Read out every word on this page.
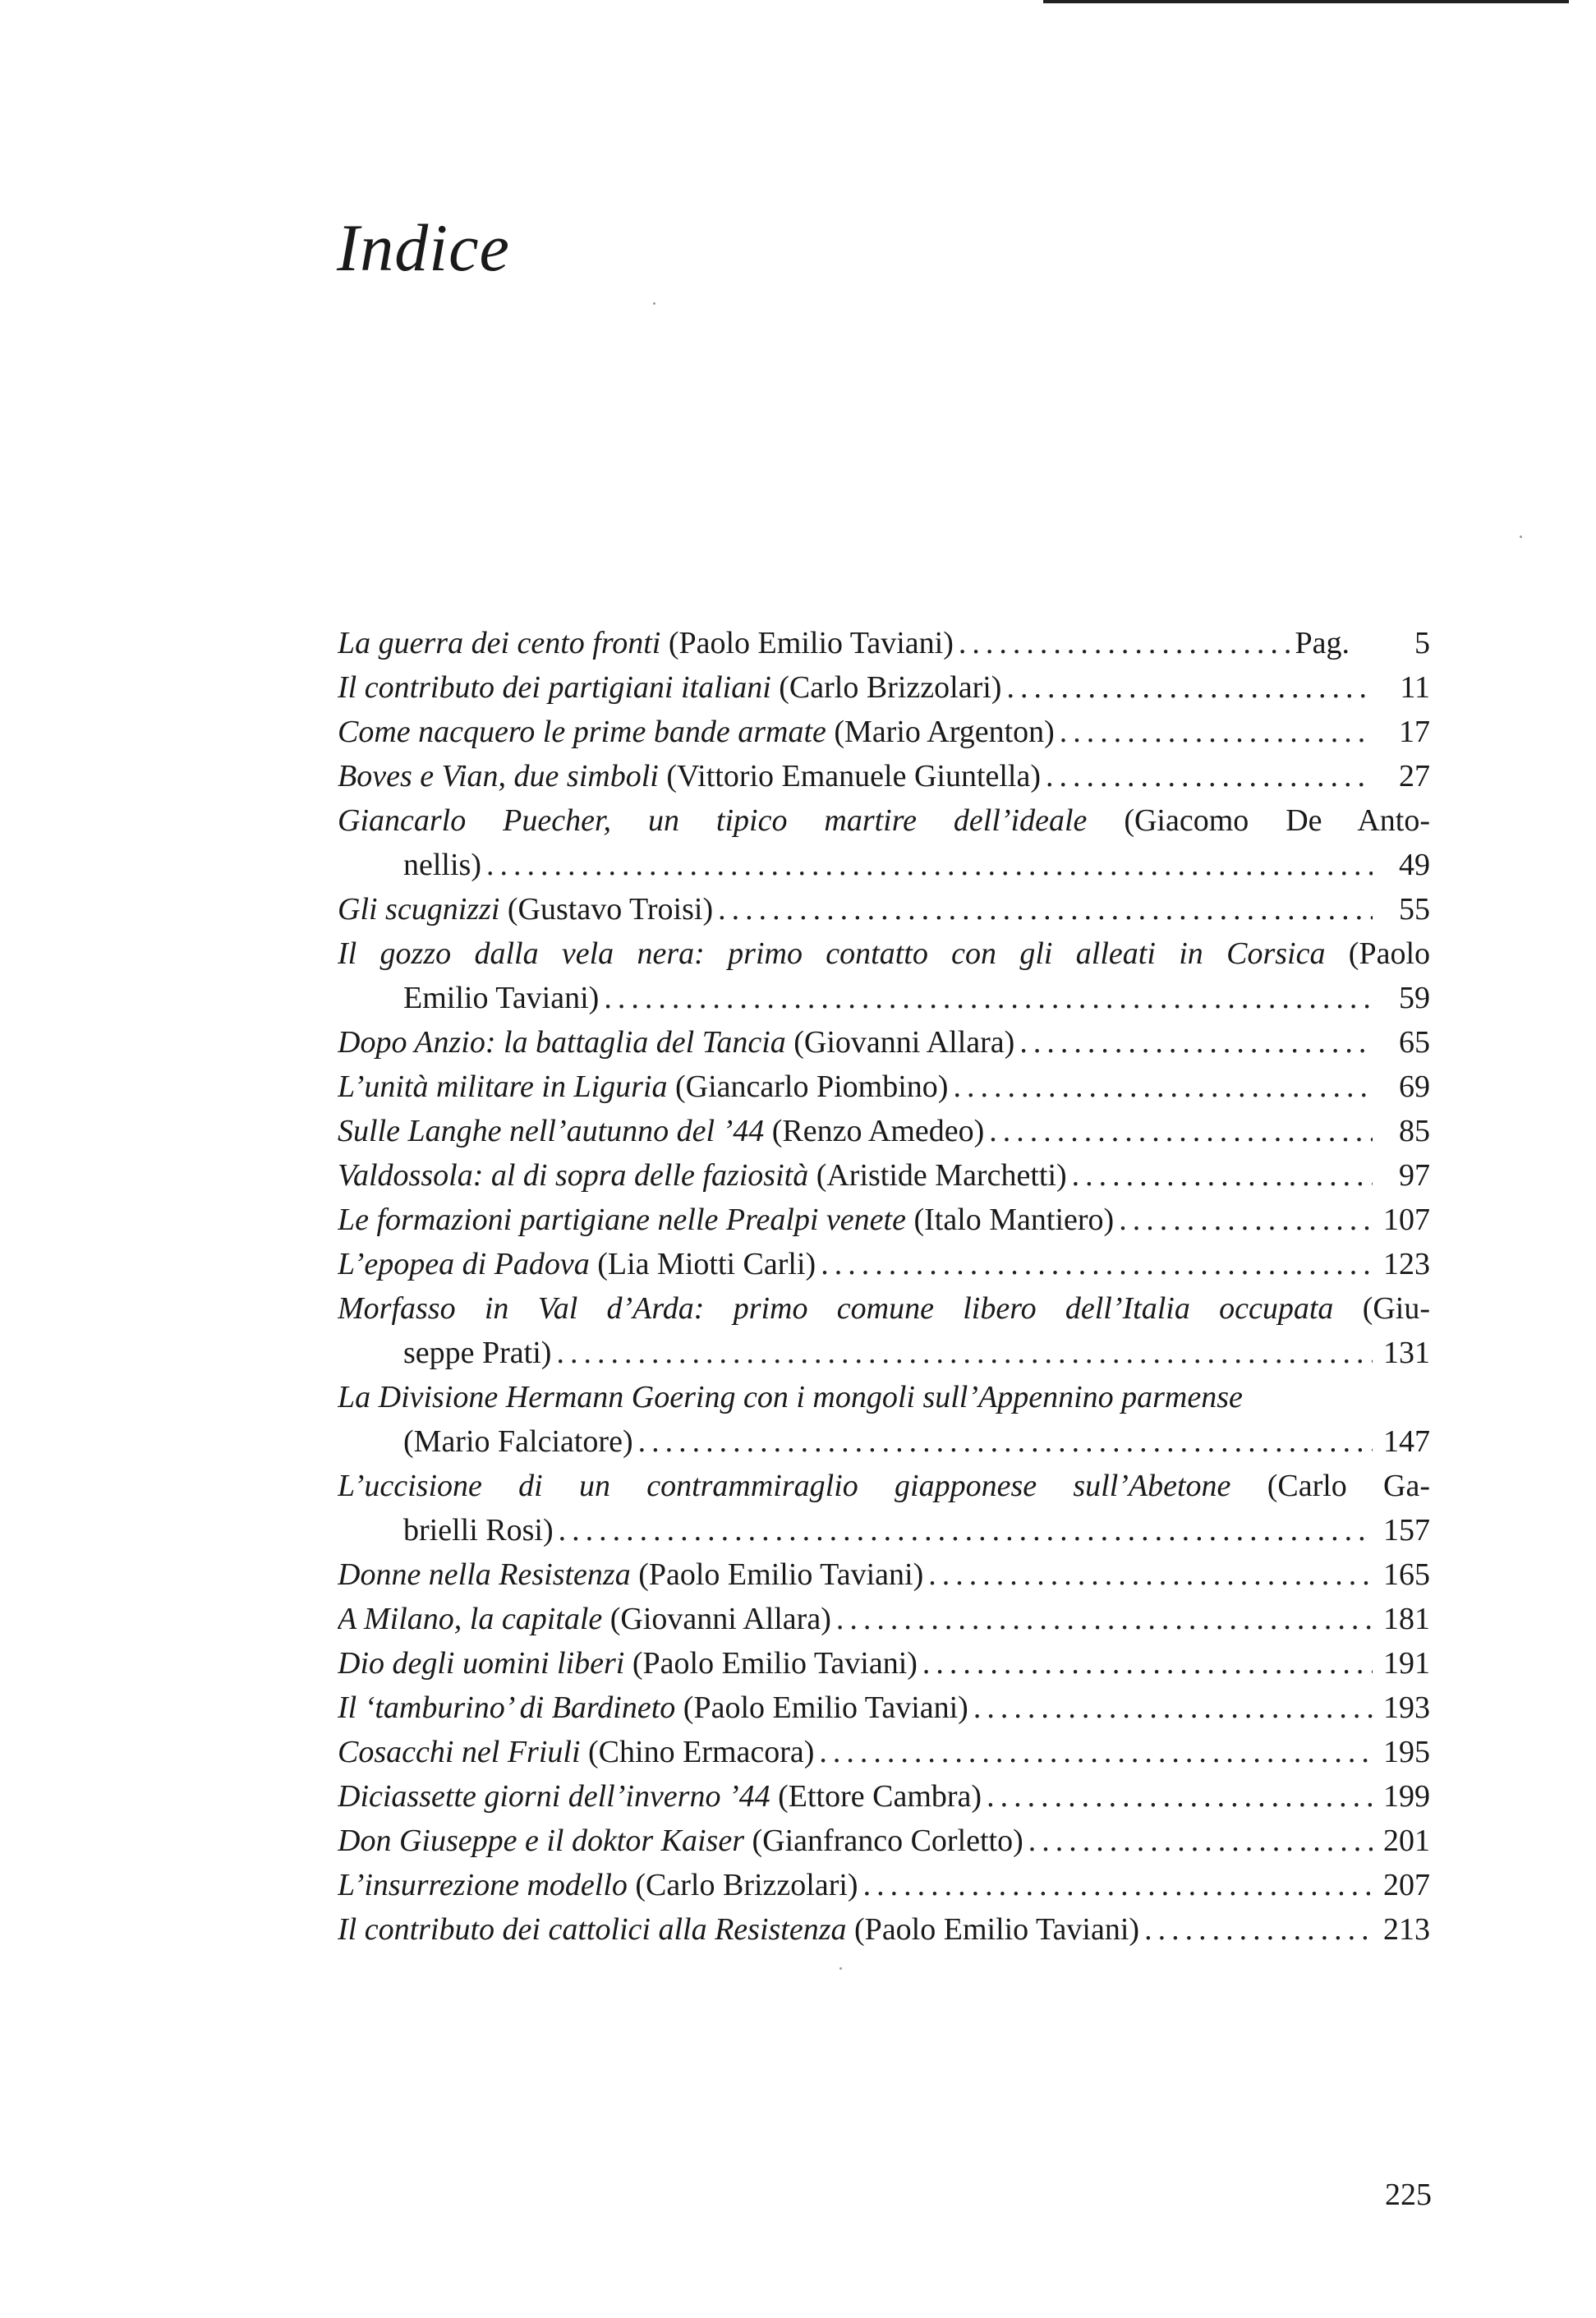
Indice
La guerra dei cento fronti (Paolo Emilio Taviani) .....	Pag.	5
Il contributo dei partigiani italiani (Carlo Brizzolari) .....	11
Come nacquero le prime bande armate (Mario Argenton) .....	17
Boves e Vian, due simboli (Vittorio Emanuele Giuntella) .....	27
Giancarlo Puecher, un tipico martire dell’ideale (Giacomo De Anto-
nellis) .....	49
Gli scugnizzi (Gustavo Troisi) .....	55
Il gozzo dalla vela nera: primo contatto con gli alleati in Corsica (Paolo
Emilio Taviani) .....	59
Dopo Anzio: la battaglia del Tancia (Giovanni Allara) .....	65
L’unità militare in Liguria (Giancarlo Piombino) .....	69
Sulle Langhe nell’autunno del ’44 (Renzo Amedeo) .....	85
Valdossola: al di sopra delle faziosità (Aristide Marchetti) .....	97
Le formazioni partigiane nelle Prealpi venete (Italo Mantiero) .....	107
L’epopea di Padova (Lia Miotti Carli) .....	123
Morfasso in Val d’Arda: primo comune libero dell’Italia occupata (Giu-
seppe Prati) .....	131
La Divisione Hermann Goering con i mongoli sull’Appennino parmense
(Mario Falciatore) .....	147
L’uccisione di un contrammiraglio giapponese sull’Abetone (Carlo Ga-
brielli Rosi) .....	157
Donne nella Resistenza (Paolo Emilio Taviani) .....	165
A Milano, la capitale (Giovanni Allara) .....	181
Dio degli uomini liberi (Paolo Emilio Taviani) .....	191
Il ‘tamburino’ di Bardineto (Paolo Emilio Taviani) .....	193
Cosacchi nel Friuli (Chino Ermacora) .....	195
Diciassette giorni dell’inverno ’44 (Ettore Cambra) .....	199
Don Giuseppe e il doktor Kaiser (Gianfranco Corletto) .....	201
L’insurrezione modello (Carlo Brizzolari) .....	207
Il contributo dei cattolici alla Resistenza (Paolo Emilio Taviani) .....	213
225
